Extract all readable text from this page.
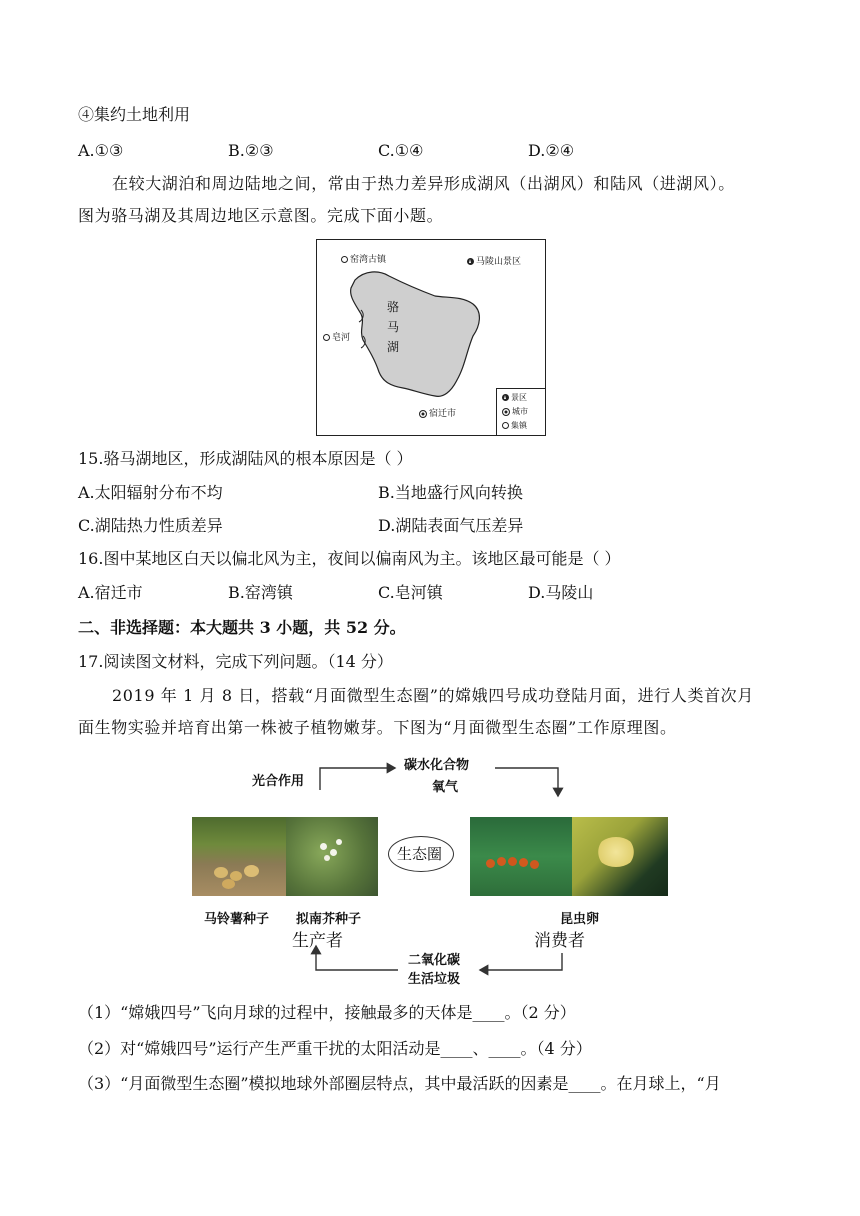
④集约土地利用
A.①③	B.②③	C.①④	D.②④
在较大湖泊和周边陆地之间，常由于热力差异形成湖风（出湖风）和陆风（进湖风）。
图为骆马湖及其周边地区示意图。完成下面小题。
骆
马
湖
窑湾古镇	马陵山景区
皂河
宿迁市
景区
城市
集镇
15.骆马湖地区，形成湖陆风的根本原因是（ ）
A.太阳辐射分布不均	B.当地盛行风向转换
C.湖陆热力性质差异	D.湖陆表面气压差异
16.图中某地区白天以偏北风为主，夜间以偏南风为主。该地区最可能是（ ）
A.宿迁市	B.窑湾镇	C.皂河镇	D.马陵山
二、非选择题：本大题共 3 小题，共 52 分。
17.阅读图文材料，完成下列问题。（14 分）
2019 年 1 月 8 日，搭载“月面微型生态圈”的嫦娥四号成功登陆月面，进行人类首次月
面生物实验并培育出第一株被子植物嫩芽。下图为“月面微型生态圈”工作原理图。
光合作用
碳水化合物
氧气
生态圈
马铃薯种子 拟南芥种子	昆虫卵
生产者	消费者
二氧化碳
生活垃圾
（1）“嫦娥四号”飞向月球的过程中，接触最多的天体是____。（2 分）
（2）对“嫦娥四号”运行产生严重干扰的太阳活动是____、____。（4 分）
（3）“月面微型生态圈”模拟地球外部圈层特点，其中最活跃的因素是____。在月球上，“月
